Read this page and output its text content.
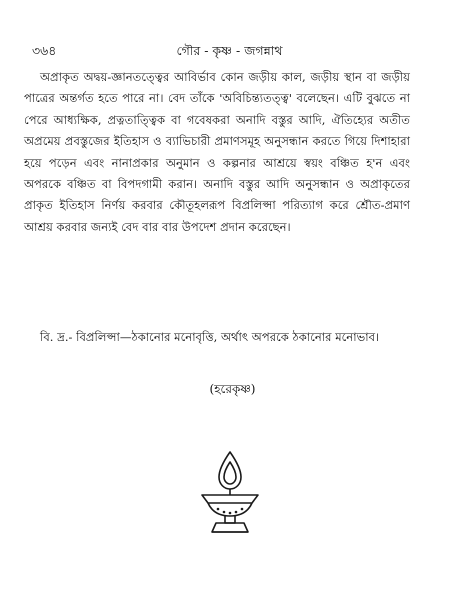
৩৬৪	গৌর - কৃষ্ণ - জগন্নাথ

অপ্রাকৃত অদ্বয়-জ্ঞানতত্ত্বের আবির্ভাব কোন জড়ীয় কাল, জড়ীয় স্থান বা জড়ীয় পাত্রের অন্তর্গত হতে পারে না। বেদ তাঁকে 'অবিচিন্ত্যতত্ত্ব' বলেছেন। এটি বুঝতে না পেরে আধ্যক্ষিক, প্রত্নতাত্ত্বিক বা গবেষকরা অনাদি বস্তুর আদি, ঐতিহ্যের অতীত অপ্রমেয় প্রবস্তুজের ইতিহাস ও ব্যাভিচারী প্রমাণসমূহ অনুসন্ধান করতে গিয়ে দিশাহারা হয়ে পড়েন এবং নানাপ্রকার অনুমান ও কল্পনার আশ্রয়ে স্বয়ং বঞ্চিত হ'ন এবং অপরকে বঞ্চিত বা বিপদগামী করান। অনাদি বস্তুর আদি অনুসন্ধান ও অপ্রাকৃতের প্রাকৃত ইতিহাস নির্ণয় করবার কৌতূহলরূপ বিপ্রলিপ্সা পরিত্যাগ করে শ্রৌত-প্রমাণ আশ্রয় করবার জন্যই বেদ বার বার উপদেশ প্রদান করেছেন।

বি. দ্র.- বিপ্রলিপ্সা—ঠকানোর মনোবৃত্তি, অর্থাৎ অপরকে ঠকানোর মনোভাব।

(হরেকৃষ্ণ)
